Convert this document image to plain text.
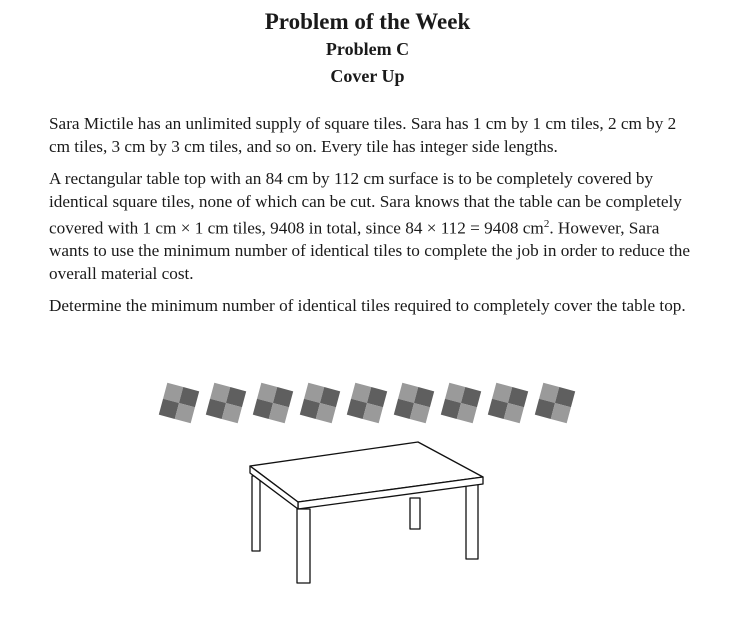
Problem of the Week
Problem C
Cover Up

Sara Mictile has an unlimited supply of square tiles. Sara has 1 cm by 1 cm tiles, 2 cm by 2 cm tiles, 3 cm by 3 cm tiles, and so on. Every tile has integer side lengths.

A rectangular table top with an 84 cm by 112 cm surface is to be completely covered by identical square tiles, none of which can be cut. Sara knows that the table can be completely covered with 1 cm × 1 cm tiles, 9408 in total, since 84 × 112 = 9408 $cm^2$. However, Sara wants to use the minimum number of identical tiles to complete the job in order to reduce the overall material cost.

Determine the minimum number of identical tiles required to completely cover the table top.
